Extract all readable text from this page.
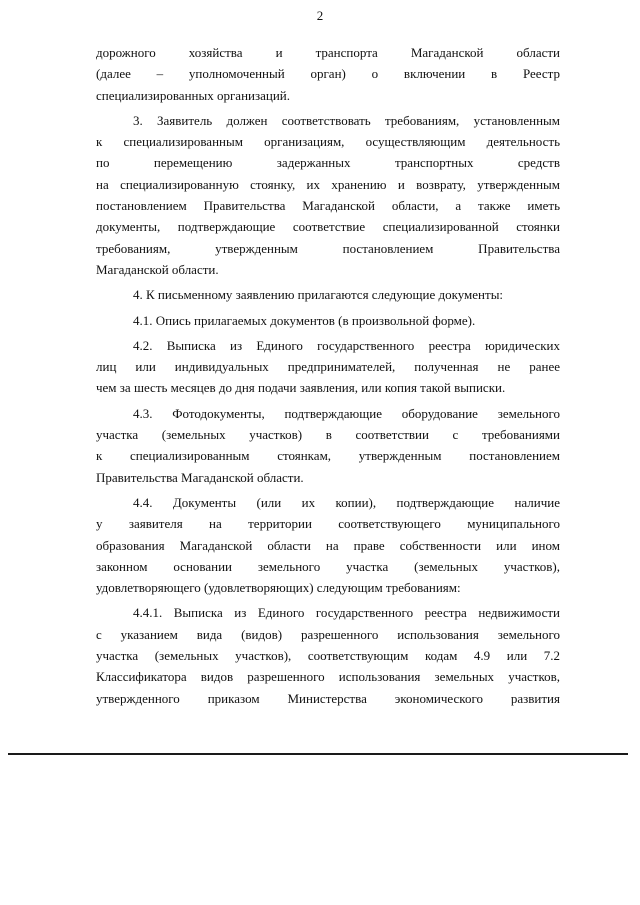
2
дорожного хозяйства и транспорта Магаданской области
(далее – уполномоченный орган) о включении в Реестр
специализированных организаций.
3. Заявитель должен соответствовать требованиям, установленным
к специализированным организациям, осуществляющим деятельность
по перемещению задержанных транспортных средств
на специализированную стоянку, их хранению и возврату, утвержденным
постановлением Правительства Магаданской области, а также иметь
документы, подтверждающие соответствие специализированной стоянки
требованиям, утвержденным постановлением Правительства
Магаданской области.
4. К письменному заявлению прилагаются следующие документы:
4.1. Опись прилагаемых документов (в произвольной форме).
4.2. Выписка из Единого государственного реестра юридических
лиц или индивидуальных предпринимателей, полученная не ранее
чем за шесть месяцев до дня подачи заявления, или копия такой выписки.
4.3. Фотодокументы, подтверждающие оборудование земельного
участка (земельных участков) в соответствии с требованиями
к специализированным стоянкам, утвержденным постановлением
Правительства Магаданской области.
4.4. Документы (или их копии), подтверждающие наличие
у заявителя на территории соответствующего муниципального
образования Магаданской области на праве собственности или ином
законном основании земельного участка (земельных участков),
удовлетворяющего (удовлетворяющих) следующим требованиям:
4.4.1. Выписка из Единого государственного реестра недвижимости
с указанием вида (видов) разрешенного использования земельного
участка (земельных участков), соответствующим кодам 4.9 или 7.2
Классификатора видов разрешенного использования земельных участков,
утвержденного приказом Министерства экономического развития
